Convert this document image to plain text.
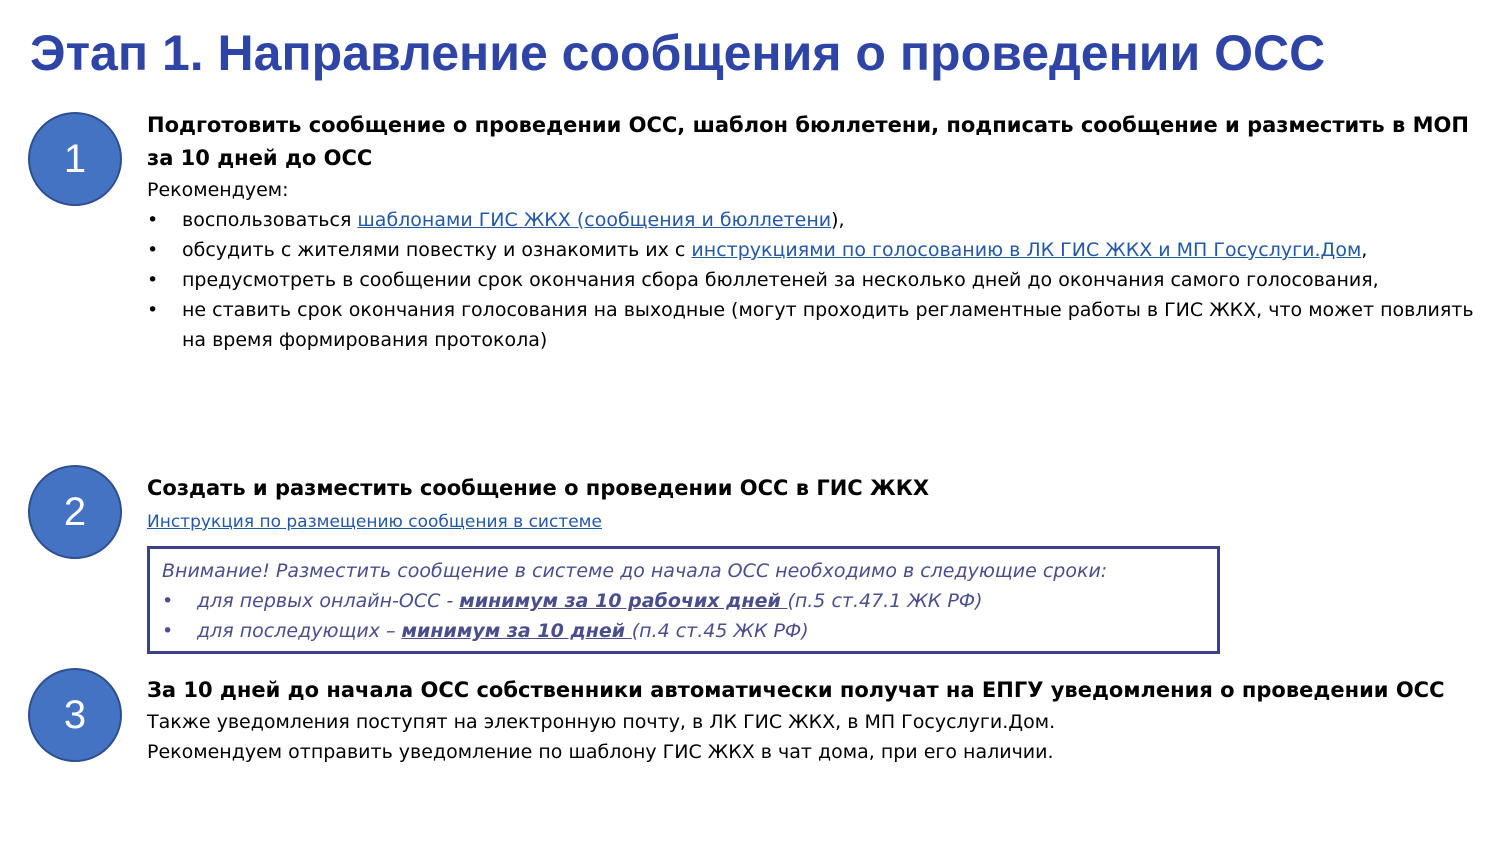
Этап 1. Направление сообщения о проведении ОСС
1
Подготовить сообщение о проведении ОСС, шаблон бюллетени, подписать сообщение и разместить в МОП за 10 дней до ОСС
Рекомендуем:
• воспользоваться шаблонами ГИС ЖКХ (сообщения и бюллетени),
• обсудить с жителями повестку и ознакомить их с инструкциями по голосованию в ЛК ГИС ЖКХ и МП Госуслуги.Дом,
• предусмотреть в сообщении срок окончания сбора бюллетеней за несколько дней до окончания самого голосования,
• не ставить срок окончания голосования на выходные (могут проходить регламентные работы в ГИС ЖКХ, что может повлиять на время формирования протокола)
2
Создать и разместить сообщение о проведении ОСС в ГИС ЖКХ
Инструкция по размещению сообщения в системе
Внимание! Разместить сообщение в системе до начала ОСС необходимо в следующие сроки:
• для первых онлайн-ОСС - минимум за 10 рабочих дней (п.5 ст.47.1 ЖК РФ)
• для последующих – минимум за 10 дней (п.4 ст.45 ЖК РФ)
3
За 10 дней до начала ОСС собственники автоматически получат на ЕПГУ уведомления о проведении ОСС
Также уведомления поступят на электронную почту, в ЛК ГИС ЖКХ, в МП Госуслуги.Дом.
Рекомендуем отправить уведомление по шаблону ГИС ЖКХ в чат дома, при его наличии.
